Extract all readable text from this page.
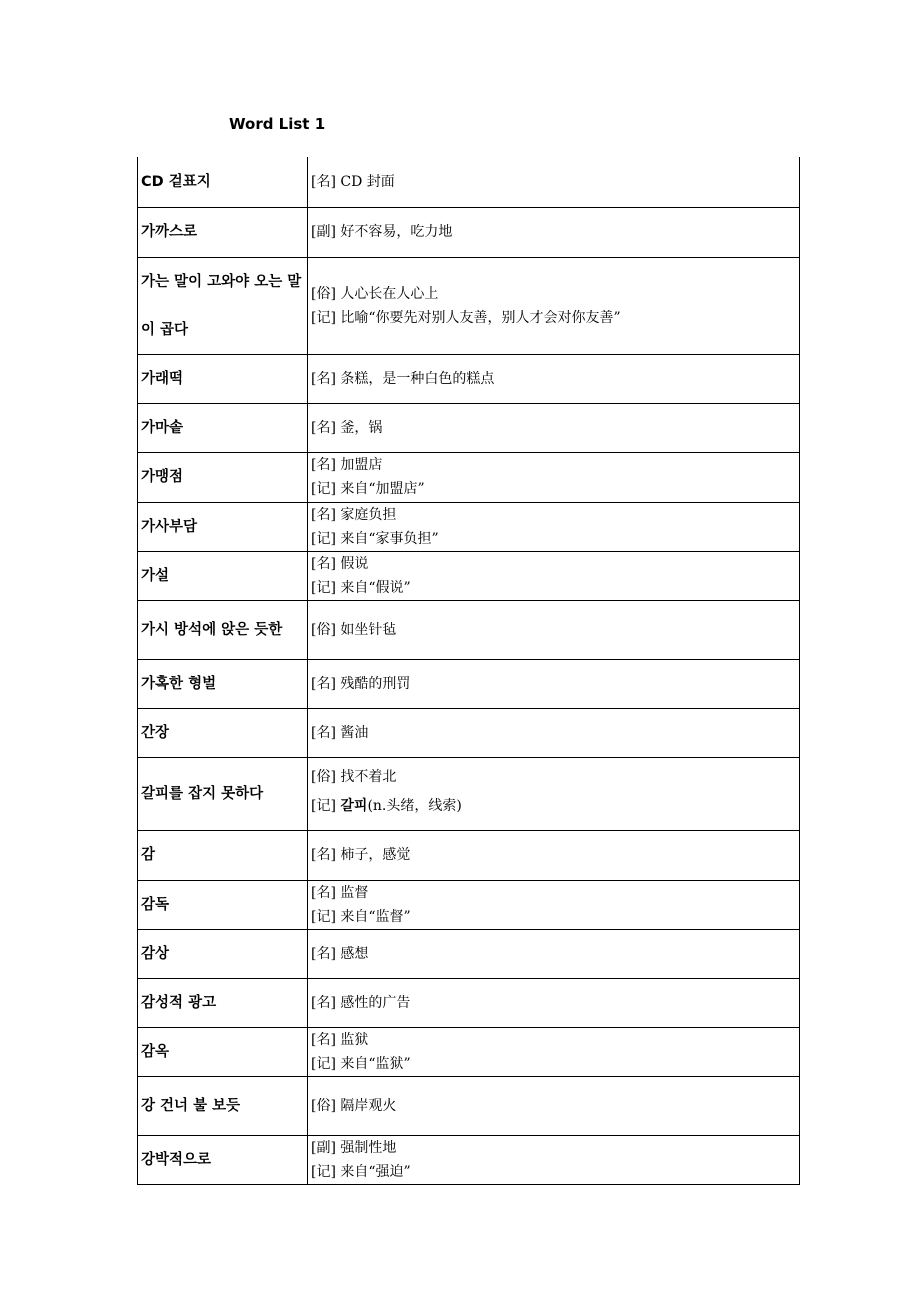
Word List 1
CD 겉표지	[名] CD 封面

가까스로	[副] 好不容易，吃力地

가는 말이 고와야 오는 말이 곱다	[俗] 人心长在人心上
[记] 比喻“你要先对别人友善，别人才会对你友善”

가래떡	[名] 条糕，是一种白色的糕点

가마솥	[名] 釜，锅

가맹점	[名] 加盟店
[记] 来自“加盟店”

가사부담	[名] 家庭负担
[记] 来自“家事负担”

가설	[名] 假说
[记] 来自“假说”

가시 방석에 앉은 듯한	[俗] 如坐针毡

가혹한 형벌	[名] 残酷的刑罚

간장	[名] 酱油

갈피를 잡지 못하다	[俗] 找不着北
[记] 갈피(n.头绪，线索)

감	[名] 柿子，感觉

감독	[名] 监督
[记] 来自“监督”

감상	[名] 感想

감성적 광고	[名] 感性的广告

감옥	[名] 监狱
[记] 来自“监狱”

강 건너 불 보듯	[俗] 隔岸观火

강박적으로	[副] 强制性地
[记] 来自“强迫”
